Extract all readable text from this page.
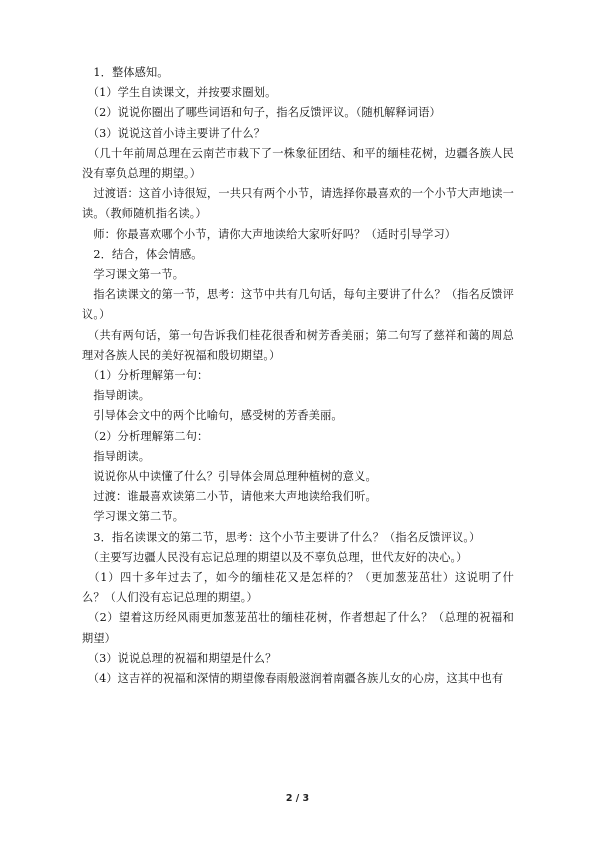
　1．整体感知。

　（1）学生自读课文，并按要求圈划。

　（2）说说你圈出了哪些词语和句子，指名反馈评议。（随机解释词语）

　（3）说说这首小诗主要讲了什么？

　（几十年前周总理在云南芒市栽下了一株象征团结、和平的缅桂花树，边疆各族人民没有辜负总理的期望。）

　过渡语：这首小诗很短，一共只有两个小节，请选择你最喜欢的一个小节大声地读一读。（教师随机指名读。）

　师：你最喜欢哪个小节，请你大声地读给大家听好吗？（适时引导学习）

　2．结合，体会情感。

　学习课文第一节。

　指名读课文的第一节，思考：这节中共有几句话，每句主要讲了什么？（指名反馈评议。）

　（共有两句话，第一句告诉我们桂花很香和树芳香美丽；第二句写了慈祥和蔼的周总理对各族人民的美好祝福和殷切期望。）

　（1）分析理解第一句：

　指导朗读。

　引导体会文中的两个比喻句，感受树的芳香美丽。

　（2）分析理解第二句：

　指导朗读。

　说说你从中读懂了什么？引导体会周总理种植树的意义。

　过渡：谁最喜欢读第二小节，请他来大声地读给我们听。

　学习课文第二节。

　3．指名读课文的第二节，思考：这个小节主要讲了什么？（指名反馈评议。）

　（主要写边疆人民没有忘记总理的期望以及不辜负总理，世代友好的决心。）

　（1）四十多年过去了，如今的缅桂花又是怎样的？（更加葱茏茁壮）这说明了什么？（人们没有忘记总理的期望。）

　（2）望着这历经风雨更加葱茏茁壮的缅桂花树，作者想起了什么？（总理的祝福和期望）

　（3）说说总理的祝福和期望是什么？

　（4）这吉祥的祝福和深情的期望像春雨般滋润着南疆各族儿女的心房，这其中也有

2 / 3
